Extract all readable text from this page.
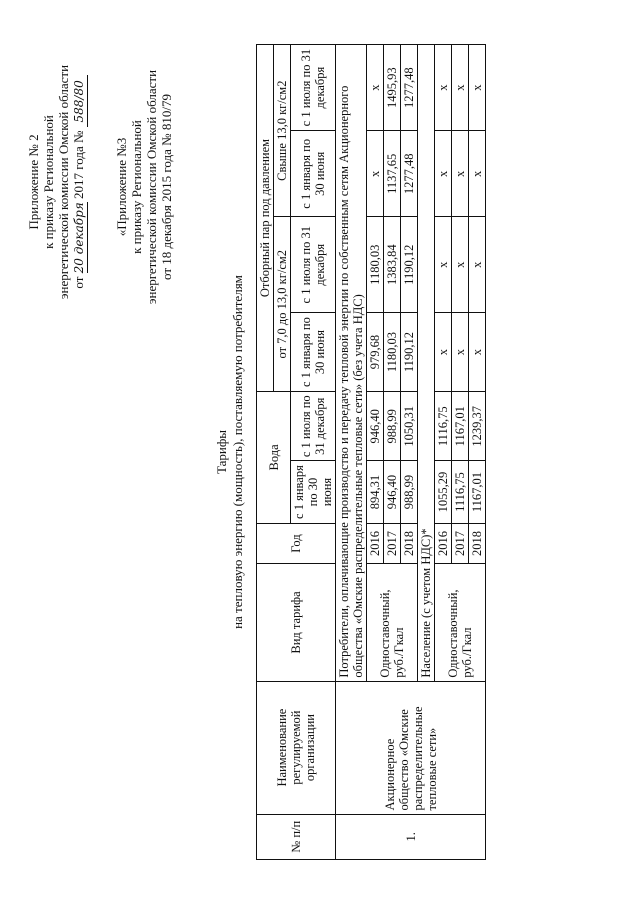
Приложение № 2 к приказу Региональной энергетической комиссии Омской области от 20 декабря 2017 года № 588/80
«Приложение №3 к приказу Региональной энергетической комиссии Омской области от 18 декабря 2015 года № 810/79
Тарифы на тепловую энергию (мощность), поставляемую потребителям
№ п/п	Наименование регулируемой организации	Вид тарифа	Год	Вода		Отборный пар под давлением			
						от 7,0 до 13,0 кг/см2		Свыше 13,0 кг/см2	
				с 1 января по 30 июня	с 1 июля по 31 декабря	с 1 января по 30 июня	с 1 июля по 31 декабря	с 1 января по 30 июня	с 1 июля по 31 декабря
1.	Акционерное общество «Омские распределительные тепловые сети»	Потребители, оплачивающие производство и передачу тепловой энергии по собственным сетям Акционерного общества «Омские распределительные тепловые сети» (без учета НДС)							
		Одноставочный, руб./Гкал	2016	894,31	946,40	979,68	1180,03	х	х
			2017	946,40	988,99	1180,03	1383,84	1137,65	1495,93
			2018	988,99	1050,31	1190,12	1190,12	1277,48	1277,48
		Население (с учетом НДС)*							
		Одноставочный, руб./Гкал	2016	1055,29	1116,75	х	х	х	х
			2017	1116,75	1167,01	х	х	х	х
			2018	1167,01	1239,37	х	х	х	х
